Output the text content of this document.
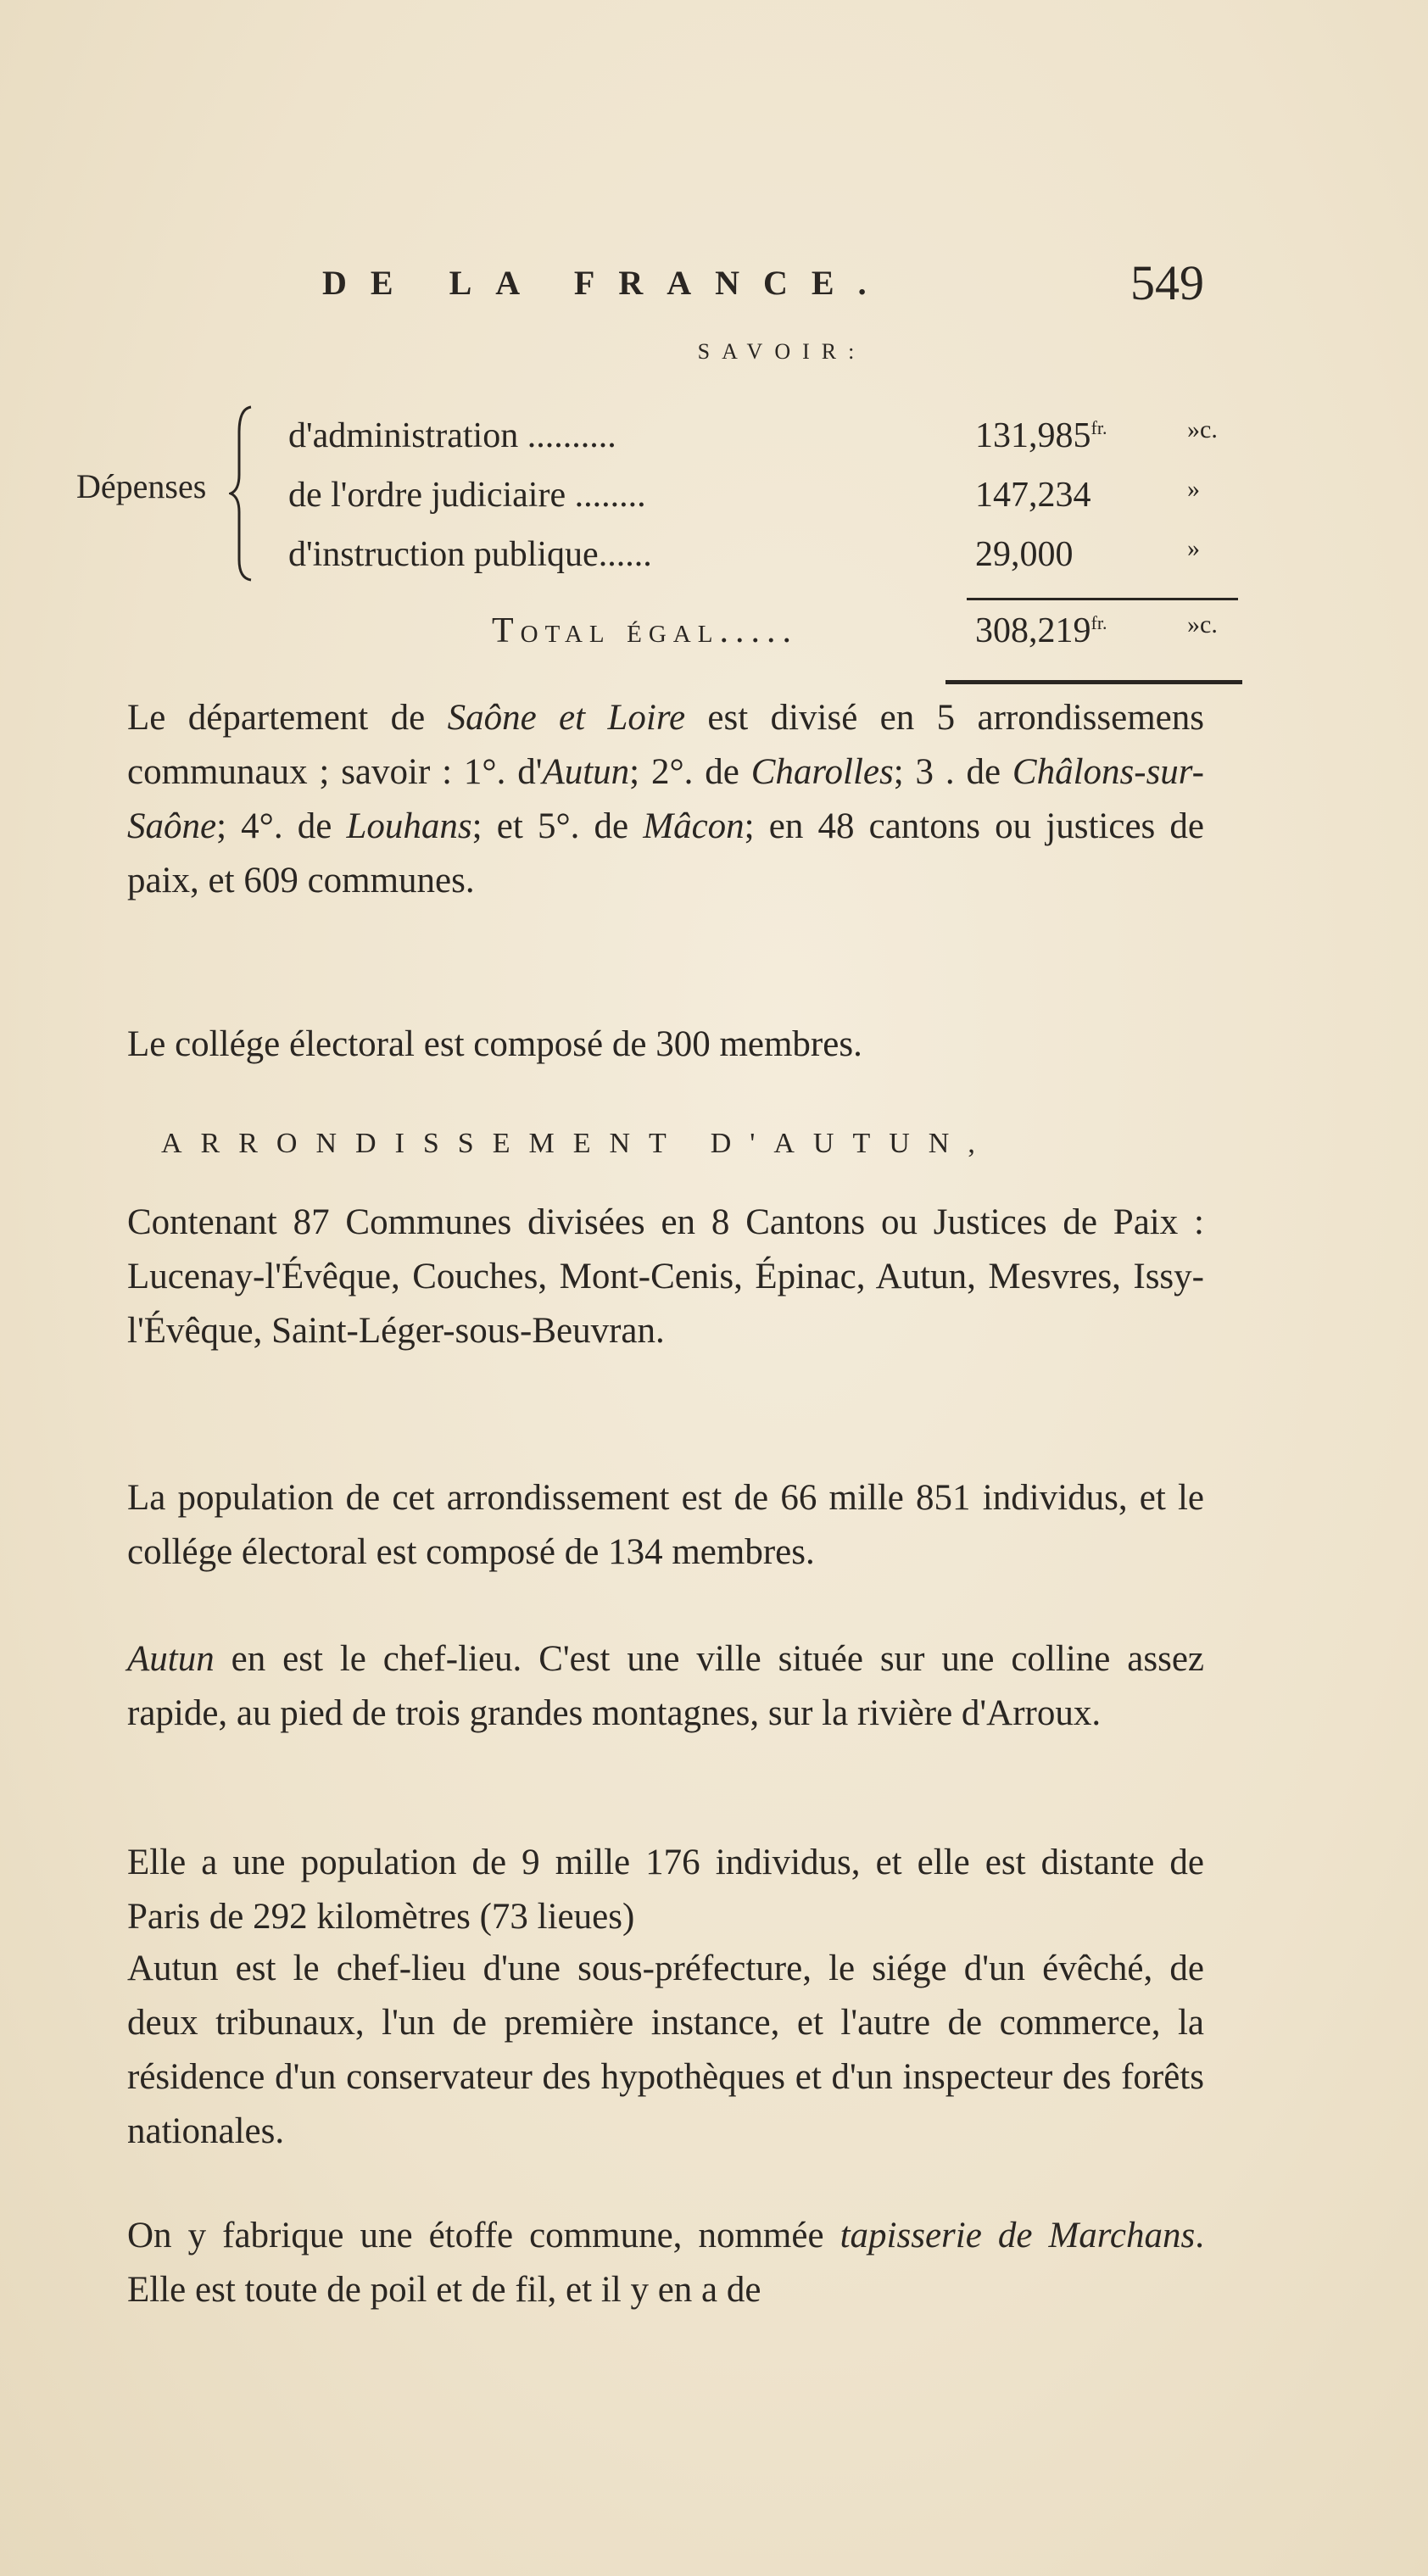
DE LA FRANCE.	549
SAVOIR:
Dépenses
d'administration ..........	$131,985^{fr.}$	»c.
de l'ordre judiciaire ........	147,234	»
d'instruction publique......	29,000	»
Total égal.....	$308,219^{fr.}$	»c.

Le département de Saône et Loire est divisé en 5 arrondissemens communaux ; savoir : 1°. d'Autun; 2°. de Charolles; 3 . de Châlons-sur-Saône; 4°. de Louhans; et 5°. de Mâcon; en 48 cantons ou justices de paix, et 609 communes.

Le collége électoral est composé de 300 membres.

ARRONDISSEMENT D'AUTUN,

Contenant 87 Communes divisées en 8 Cantons ou Justices de Paix : Lucenay-l'Évêque, Couches, Mont-Cenis, Épinac, Autun, Mesvres, Issy-l'Évêque, Saint-Léger-sous-Beuvran.

La population de cet arrondissement est de 66 mille 851 individus, et le collége électoral est composé de 134 membres.

Autun en est le chef-lieu. C'est une ville située sur une colline assez rapide, au pied de trois grandes montagnes, sur la rivière d'Arroux.

Elle a une population de 9 mille 176 individus, et elle est distante de Paris de 292 kilomètres (73 lieues)

Autun est le chef-lieu d'une sous-préfecture, le siége d'un évêché, de deux tribunaux, l'un de première instance, et l'autre de commerce, la résidence d'un conservateur des hypothèques et d'un inspecteur des forêts nationales.

On y fabrique une étoffe commune, nommée tapisserie de Marchans. Elle est toute de poil et de fil, et il y en a de
